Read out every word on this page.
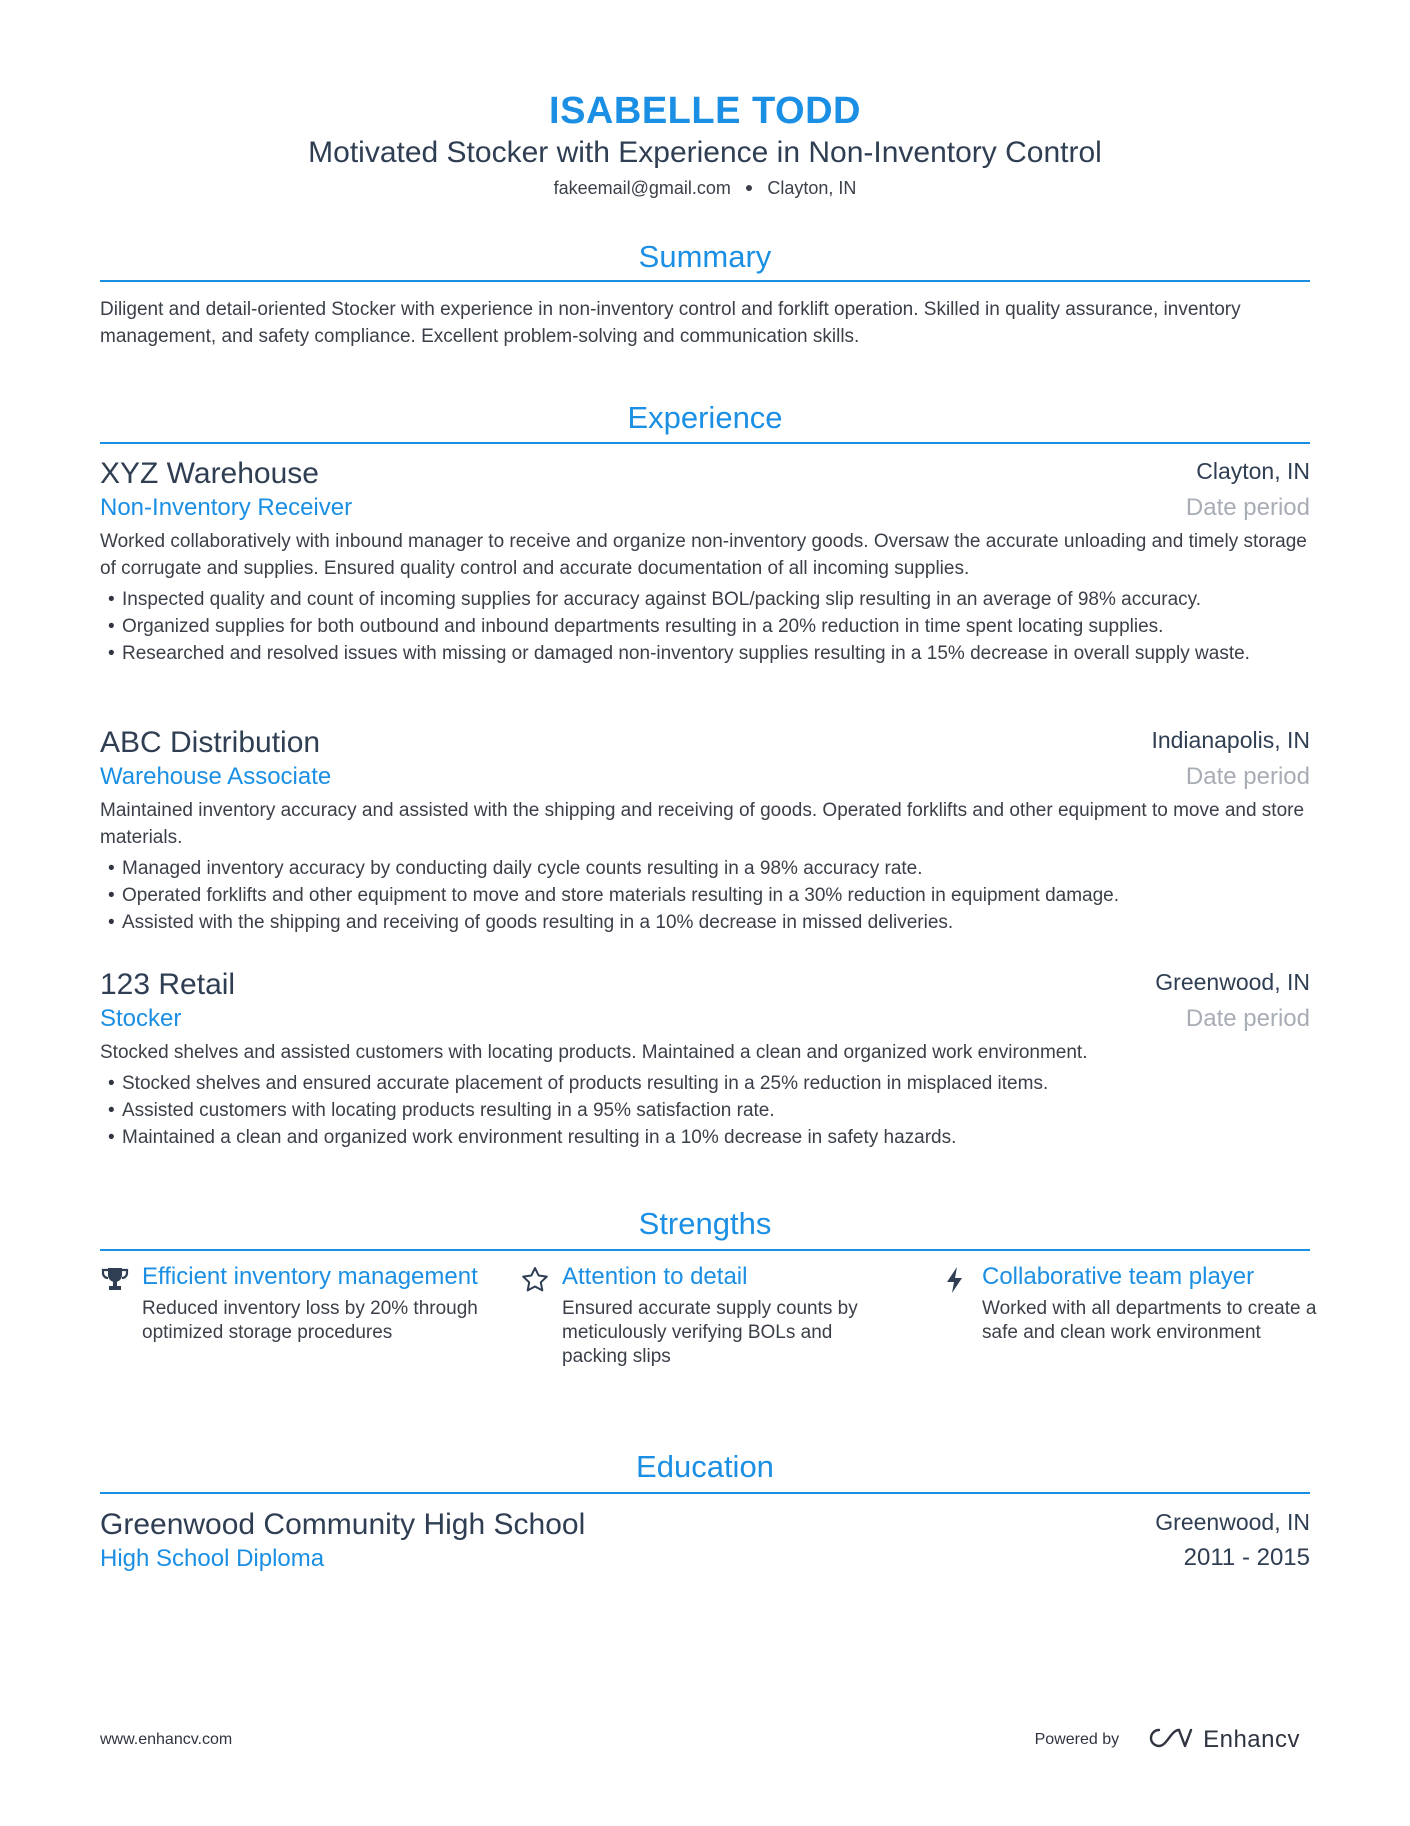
ISABELLE TODD
Motivated Stocker with Experience in Non-Inventory Control
fakeemail@gmail.com ● Clayton, IN
Summary
Diligent and detail-oriented Stocker with experience in non-inventory control and forklift operation. Skilled in quality assurance, inventory management, and safety compliance. Excellent problem-solving and communication skills.
Experience
XYZ Warehouse	Clayton, IN
Non-Inventory Receiver	Date period
Worked collaboratively with inbound manager to receive and organize non-inventory goods. Oversaw the accurate unloading and timely storage of corrugate and supplies. Ensured quality control and accurate documentation of all incoming supplies.
• Inspected quality and count of incoming supplies for accuracy against BOL/packing slip resulting in an average of 98% accuracy.
• Organized supplies for both outbound and inbound departments resulting in a 20% reduction in time spent locating supplies.
• Researched and resolved issues with missing or damaged non-inventory supplies resulting in a 15% decrease in overall supply waste.
ABC Distribution	Indianapolis, IN
Warehouse Associate	Date period
Maintained inventory accuracy and assisted with the shipping and receiving of goods. Operated forklifts and other equipment to move and store materials.
• Managed inventory accuracy by conducting daily cycle counts resulting in a 98% accuracy rate.
• Operated forklifts and other equipment to move and store materials resulting in a 30% reduction in equipment damage.
• Assisted with the shipping and receiving of goods resulting in a 10% decrease in missed deliveries.
123 Retail	Greenwood, IN
Stocker	Date period
Stocked shelves and assisted customers with locating products. Maintained a clean and organized work environment.
• Stocked shelves and ensured accurate placement of products resulting in a 25% reduction in misplaced items.
• Assisted customers with locating products resulting in a 95% satisfaction rate.
• Maintained a clean and organized work environment resulting in a 10% decrease in safety hazards.
Strengths
Efficient inventory management
Reduced inventory loss by 20% through optimized storage procedures
Attention to detail
Ensured accurate supply counts by meticulously verifying BOLs and packing slips
Collaborative team player
Worked with all departments to create a safe and clean work environment
Education
Greenwood Community High School	Greenwood, IN
High School Diploma	2011 - 2015
www.enhancv.com	Powered by	Enhancv
